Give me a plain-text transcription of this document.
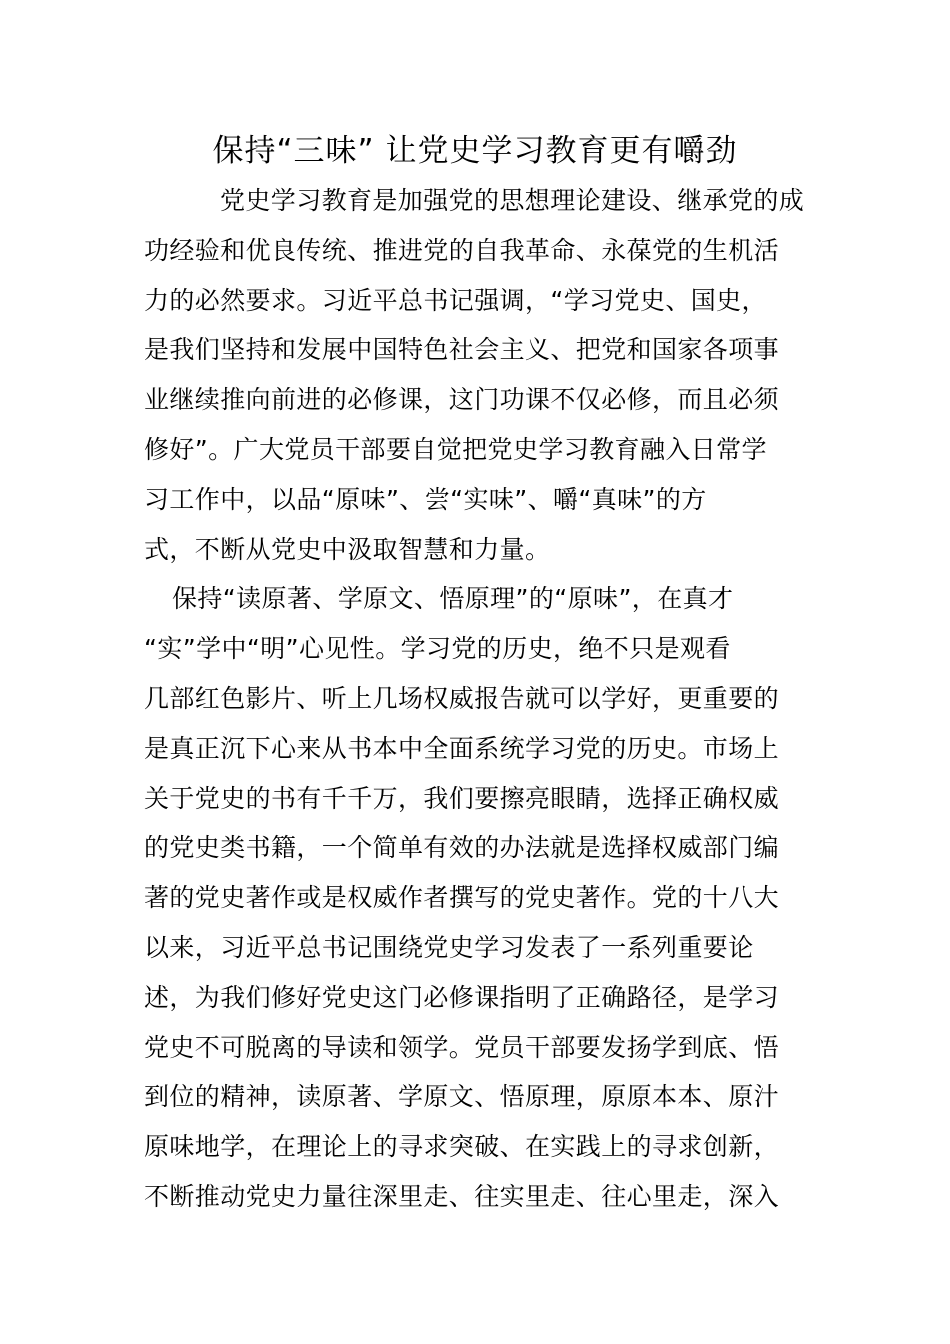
保持“三味” 让党史学习教育更有嚼劲
党史学习教育是加强党的思想理论建设、继承党的成
功经验和优良传统、推进党的自我革命、永葆党的生机活
力的必然要求。习近平总书记强调，“学习党史、国史，
是我们坚持和发展中国特色社会主义、把党和国家各项事
业继续推向前进的必修课，这门功课不仅必修，而且必须
修好”。广大党员干部要自觉把党史学习教育融入日常学
习工作中，以品“原味”、尝“实味”、嚼“真味”的方
式，不断从党史中汲取智慧和力量。
保持“读原著、学原文、悟原理”的“原味”，在真才
“实”学中“明”心见性。学习党的历史，绝不只是观看
几部红色影片、听上几场权威报告就可以学好，更重要的
是真正沉下心来从书本中全面系统学习党的历史。市场上
关于党史的书有千千万，我们要擦亮眼睛，选择正确权威
的党史类书籍，一个简单有效的办法就是选择权威部门编
著的党史著作或是权威作者撰写的党史著作。党的十八大
以来，习近平总书记围绕党史学习发表了一系列重要论
述，为我们修好党史这门必修课指明了正确路径，是学习
党史不可脱离的导读和领学。党员干部要发扬学到底、悟
到位的精神，读原著、学原文、悟原理，原原本本、原汁
原味地学，在理论上的寻求突破、在实践上的寻求创新，
不断推动党史力量往深里走、往实里走、往心里走，深入
